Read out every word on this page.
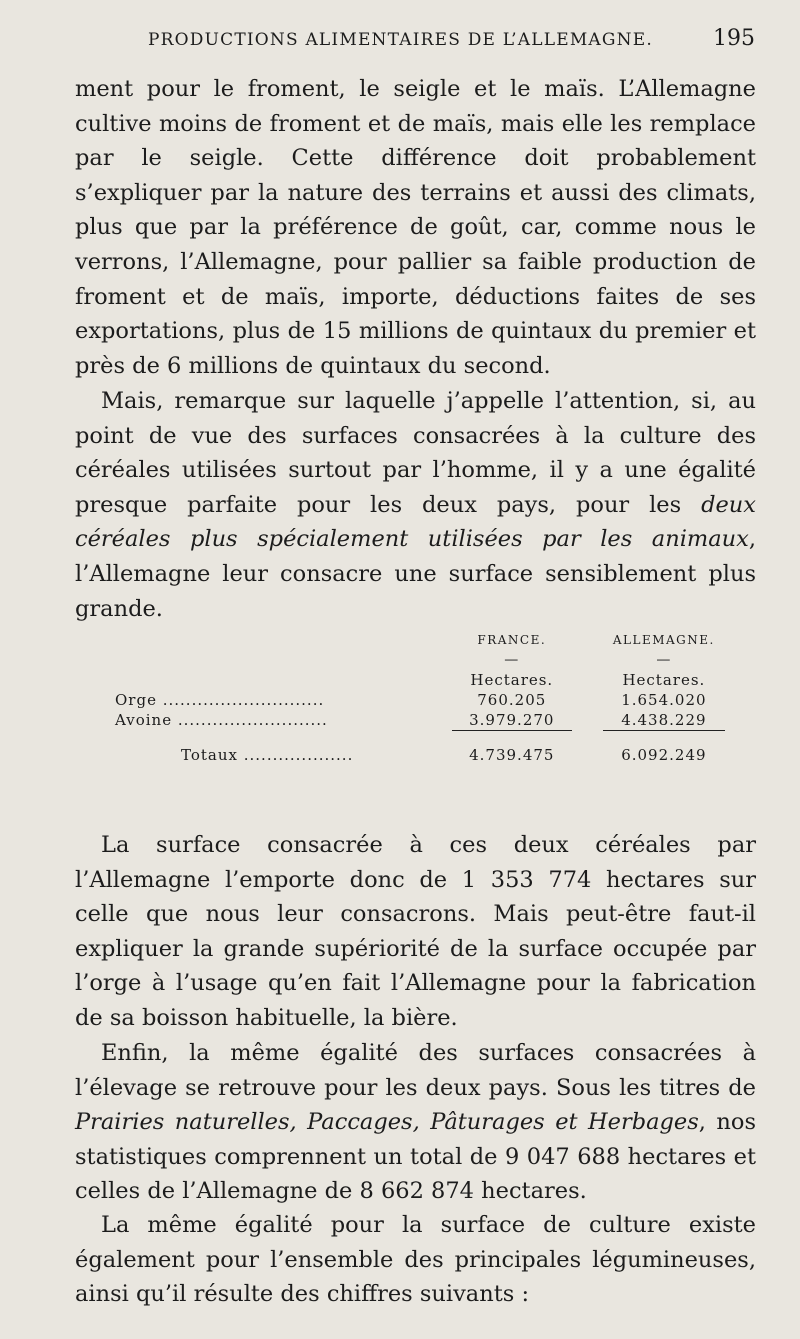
PRODUCTIONS ALIMENTAIRES DE L’ALLEMAGNE.	195
ment pour le froment, le seigle et le maïs. L’Allemagne cultive moins de froment et de maïs, mais elle les remplace par le seigle. Cette différence doit probablement s’expliquer par la nature des terrains et aussi des climats, plus que par la préférence de goût, car, comme nous le verrons, l’Allemagne, pour pallier sa faible production de froment et de maïs, importe, déductions faites de ses exportations, plus de 15 millions de quintaux du premier et près de 6 millions de quintaux du second.
Mais, remarque sur laquelle j’appelle l’attention, si, au point de vue des surfaces consacrées à la culture des céréales utilisées surtout par l’homme, il y a une égalité presque parfaite pour les deux pays, pour les deux céréales plus spécialement utilisées par les animaux, l’Allemagne leur consacre une surface sensiblement plus grande.
	FRANCE.		ALLEMAGNE.
	—		—
	Hectares.		Hectares.
Orge ............................	760.205		1.654.020
Avoine ..........................	3.979.270		4.438.229
Totaux ...................	4.739.475		6.092.249
La surface consacrée à ces deux céréales par l’Allemagne l’emporte donc de 1 353 774 hectares sur celle que nous leur consacrons. Mais peut-être faut-il expliquer la grande supériorité de la surface occupée par l’orge à l’usage qu’en fait l’Allemagne pour la fabrication de sa boisson habituelle, la bière.
Enfin, la même égalité des surfaces consacrées à l’élevage se retrouve pour les deux pays. Sous les titres de Prairies naturelles, Paccages, Pâturages et Herbages, nos statistiques comprennent un total de 9 047 688 hectares et celles de l’Allemagne de 8 662 874 hectares.
La même égalité pour la surface de culture existe également pour l’ensemble des principales légumineuses, ainsi qu’il résulte des chiffres suivants :
